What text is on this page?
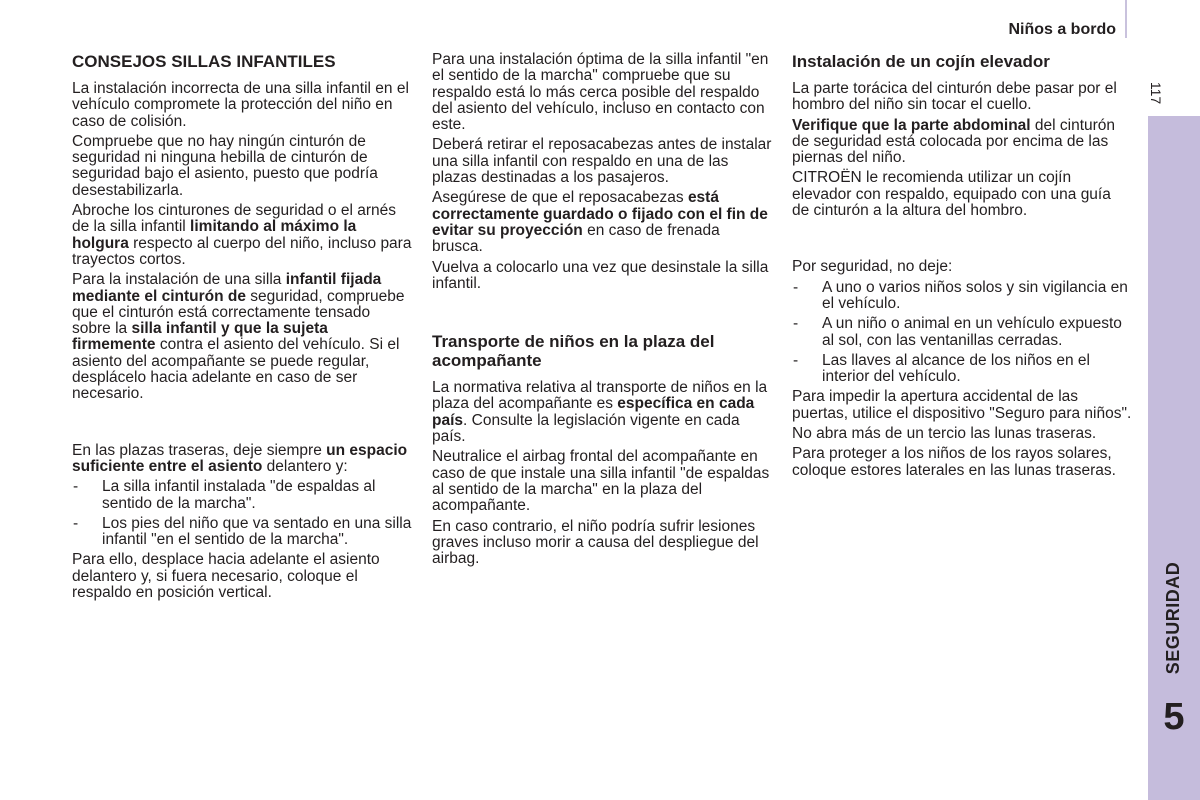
Niños a bordo
117
SEGURIDAD
5
CONSEJOS SILLAS INFANTILES

La instalación incorrecta de una silla infantil en el vehículo compromete la protección del niño en caso de colisión.

Compruebe que no hay ningún cinturón de seguridad ni ninguna hebilla de cinturón de seguridad bajo el asiento, puesto que podría desestabilizarla.

Abroche los cinturones de seguridad o el arnés de la silla infantil limitando al máximo la holgura respecto al cuerpo del niño, incluso para trayectos cortos.

Para la instalación de una silla infantil fijada mediante el cinturón de seguridad, compruebe que el cinturón está correctamente tensado sobre la silla infantil y que la sujeta firmemente contra el asiento del vehículo. Si el asiento del acompañante se puede regular, desplácelo hacia adelante en caso de ser necesario.

En las plazas traseras, deje siempre un espacio suficiente entre el asiento delantero y:

- La silla infantil instalada "de espaldas al sentido de la marcha".
- Los pies del niño que va sentado en una silla infantil "en el sentido de la marcha".

Para ello, desplace hacia adelante el asiento delantero y, si fuera necesario, coloque el respaldo en posición vertical.

Para una instalación óptima de la silla infantil "en el sentido de la marcha" compruebe que su respaldo está lo más cerca posible del respaldo del asiento del vehículo, incluso en contacto con este.

Deberá retirar el reposacabezas antes de instalar una silla infantil con respaldo en una de las plazas destinadas a los pasajeros.

Asegúrese de que el reposacabezas está correctamente guardado o fijado con el fin de evitar su proyección en caso de frenada brusca.

Vuelva a colocarlo una vez que desinstale la silla infantil.

Transporte de niños en la plaza del acompañante

La normativa relativa al transporte de niños en la plaza del acompañante es específica en cada país. Consulte la legislación vigente en cada país.

Neutralice el airbag frontal del acompañante en caso de que instale una silla infantil "de espaldas al sentido de la marcha" en la plaza del acompañante.

En caso contrario, el niño podría sufrir lesiones graves incluso morir a causa del despliegue del airbag.

Instalación de un cojín elevador

La parte torácica del cinturón debe pasar por el hombro del niño sin tocar el cuello.

Verifique que la parte abdominal del cinturón de seguridad está colocada por encima de las piernas del niño.

CITROËN le recomienda utilizar un cojín elevador con respaldo, equipado con una guía de cinturón a la altura del hombro.

Por seguridad, no deje:

- A uno o varios niños solos y sin vigilancia en el vehículo.
- A un niño o animal en un vehículo expuesto al sol, con las ventanillas cerradas.
- Las llaves al alcance de los niños en el interior del vehículo.

Para impedir la apertura accidental de las puertas, utilice el dispositivo "Seguro para niños".

No abra más de un tercio las lunas traseras.

Para proteger a los niños de los rayos solares, coloque estores laterales en las lunas traseras.
